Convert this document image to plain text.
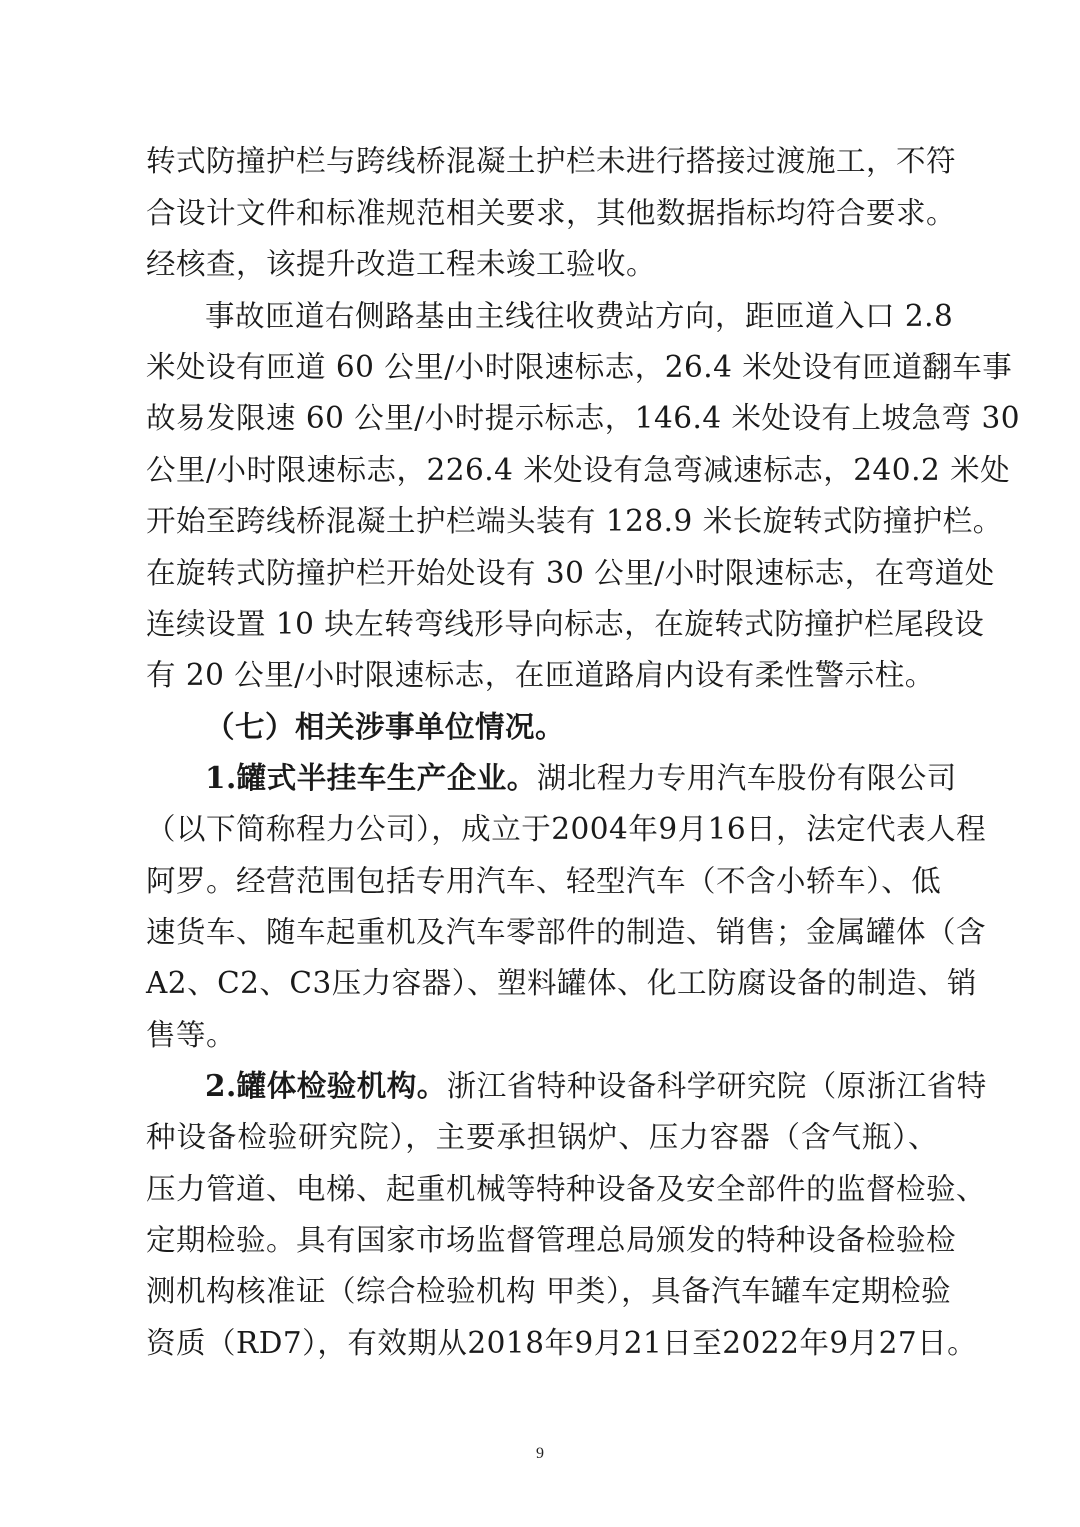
转式防撞护栏与跨线桥混凝土护栏未进行搭接过渡施工，不符
合设计文件和标准规范相关要求，其他数据指标均符合要求。
经核查，该提升改造工程未竣工验收。
事故匝道右侧路基由主线往收费站方向，距匝道入口 2.8
米处设有匝道 60 公里/小时限速标志，26.4 米处设有匝道翻车事
故易发限速 60 公里/小时提示标志，146.4 米处设有上坡急弯 30
公里/小时限速标志，226.4 米处设有急弯减速标志，240.2 米处
开始至跨线桥混凝土护栏端头装有 128.9 米长旋转式防撞护栏。
在旋转式防撞护栏开始处设有 30 公里/小时限速标志，在弯道处
连续设置 10 块左转弯线形导向标志，在旋转式防撞护栏尾段设
有 20 公里/小时限速标志，在匝道路肩内设有柔性警示柱。
（七）相关涉事单位情况。
1.罐式半挂车生产企业。湖北程力专用汽车股份有限公司
（以下简称程力公司），成立于2004年9月16日，法定代表人程
阿罗。经营范围包括专用汽车、轻型汽车（不含小轿车）、低
速货车、随车起重机及汽车零部件的制造、销售；金属罐体（含
A2、C2、C3压力容器）、塑料罐体、化工防腐设备的制造、销
售等。
2.罐体检验机构。浙江省特种设备科学研究院（原浙江省特
种设备检验研究院），主要承担锅炉、压力容器（含气瓶）、
压力管道、电梯、起重机械等特种设备及安全部件的监督检验、
定期检验。具有国家市场监督管理总局颁发的特种设备检验检
测机构核准证（综合检验机构 甲类），具备汽车罐车定期检验
资质（RD7），有效期从2018年9月21日至2022年9月27日。
9
